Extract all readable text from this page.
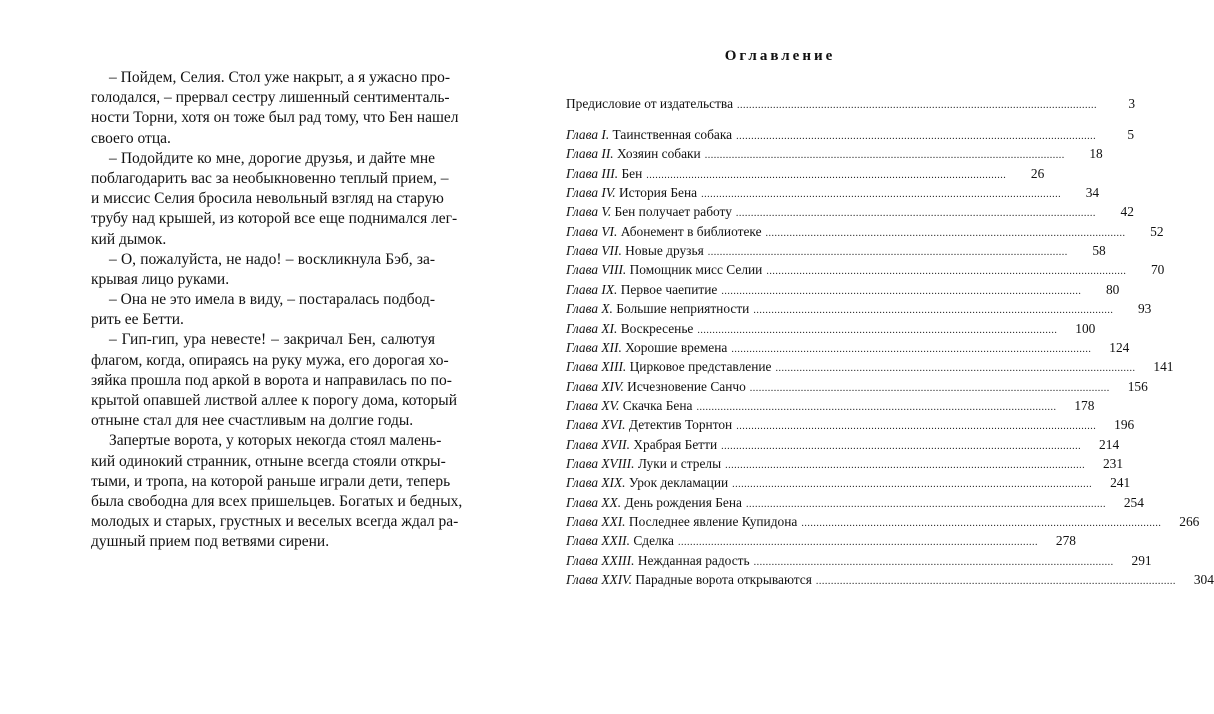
– Пойдем, Селия. Стол уже накрыт, а я ужасно про-
голодался, – прервал сестру лишенный сентименталь-
ности Торни, хотя он тоже был рад тому, что Бен нашел
своего отца.
– Подойдите ко мне, дорогие друзья, и дайте мне
поблагодарить вас за необыкновенно теплый прием, –
и миссис Селия бросила невольный взгляд на старую
трубу над крышей, из которой все еще поднимался лег-
кий дымок.
– О, пожалуйста, не надо! – воскликнула Бэб, за-
крывая лицо руками.
– Она не это имела в виду, – постаралась подбод-
рить ее Бетти.
– Гип-гип, ура невесте! – закричал Бен, салютуя
флагом, когда, опираясь на руку мужа, его дорогая хо-
зяйка прошла под аркой в ворота и направилась по по-
крытой опавшей листвой аллее к порогу дома, который
отныне стал для нее счастливым на долгие годы.
Запертые ворота, у которых некогда стоял малень-
кий одинокий странник, отныне всегда стояли откры-
тыми, и тропа, на которой раньше играли дети, теперь
была свободна для всех пришельцев. Богатых и бедных,
молодых и старых, грустных и веселых всегда ждал ра-
душный прием под ветвями сирени.
Оглавление
Предисловие от издательства ........................................................................................................................	3
Глава I. Таинственная собака ........................................................................................................................	5
Глава II. Хозяин собаки ........................................................................................................................	18
Глава III. Бен ........................................................................................................................	26
Глава IV. История Бена ........................................................................................................................	34
Глава V. Бен получает работу ........................................................................................................................	42
Глава VI. Абонемент в библиотеке ........................................................................................................................	52
Глава VII. Новые друзья ........................................................................................................................	58
Глава VIII. Помощник мисс Селии ........................................................................................................................	70
Глава IX. Первое чаепитие ........................................................................................................................	80
Глава X. Большие неприятности ........................................................................................................................	93
Глава XI. Воскресенье ........................................................................................................................	100
Глава XII. Хорошие времена ........................................................................................................................	124
Глава XIII. Цирковое представление ........................................................................................................................	141
Глава XIV. Исчезновение Санчо ........................................................................................................................	156
Глава XV. Скачка Бена ........................................................................................................................	178
Глава XVI. Детектив Торнтон ........................................................................................................................	196
Глава XVII. Храбрая Бетти ........................................................................................................................	214
Глава XVIII. Луки и стрелы ........................................................................................................................	231
Глава XIX. Урок декламации ........................................................................................................................	241
Глава XX. День рождения Бена ........................................................................................................................	254
Глава XXI. Последнее явление Купидона ........................................................................................................................	266
Глава XXII. Сделка ........................................................................................................................	278
Глава XXIII. Нежданная радость ........................................................................................................................	291
Глава XXIV. Парадные ворота открываются ........................................................................................................................	304
